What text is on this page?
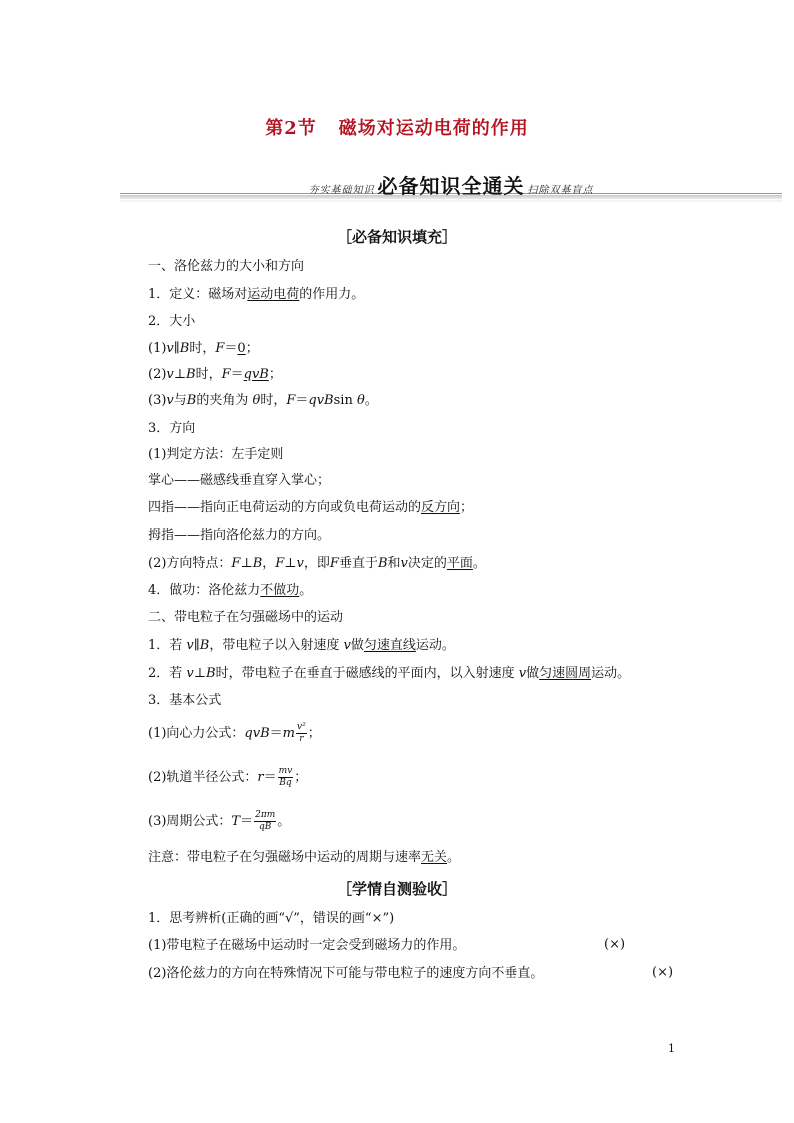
第2节 磁场对运动电荷的作用
夯实基础知识 必备知识全通关 扫除双基盲点
［必备知识填充］
一、洛伦兹力的大小和方向
1．定义：磁场对运动电荷的作用力。
2．大小
(1)v∥B时，F＝0；
(2)v⊥B时，F＝qvB；
(3)v与B的夹角为 θ时，F＝qvBsin θ。
3．方向
(1)判定方法：左手定则
掌心——磁感线垂直穿入掌心；
四指——指向正电荷运动的方向或负电荷运动的反方向；
拇指——指向洛伦兹力的方向。
(2)方向特点：F⊥B，F⊥v，即F垂直于B和v决定的平面。
4．做功：洛伦兹力不做功。
二、带电粒子在匀强磁场中的运动
1．若 v∥B，带电粒子以入射速度 v做匀速直线运动。
2．若 v⊥B时，带电粒子在垂直于磁感线的平面内，以入射速度 v做匀速圆周运动。
3．基本公式
(1)向心力公式：$qvB=m \frac{\text{v²}}{r}$ ；
(2)轨道半径公式：$r= \frac{mv}{Bq}$ ；
(3)周期公式：$T= \frac{2\pi m}{qB}$ 。
注意：带电粒子在匀强磁场中运动的周期与速率无关。
［学情自测验收］
1．思考辨析(正确的画“√”，错误的画“×”)
(1)带电粒子在磁场中运动时一定会受到磁场力的作用。	(×)
(2)洛伦兹力的方向在特殊情况下可能与带电粒子的速度方向不垂直。	(×)
1
